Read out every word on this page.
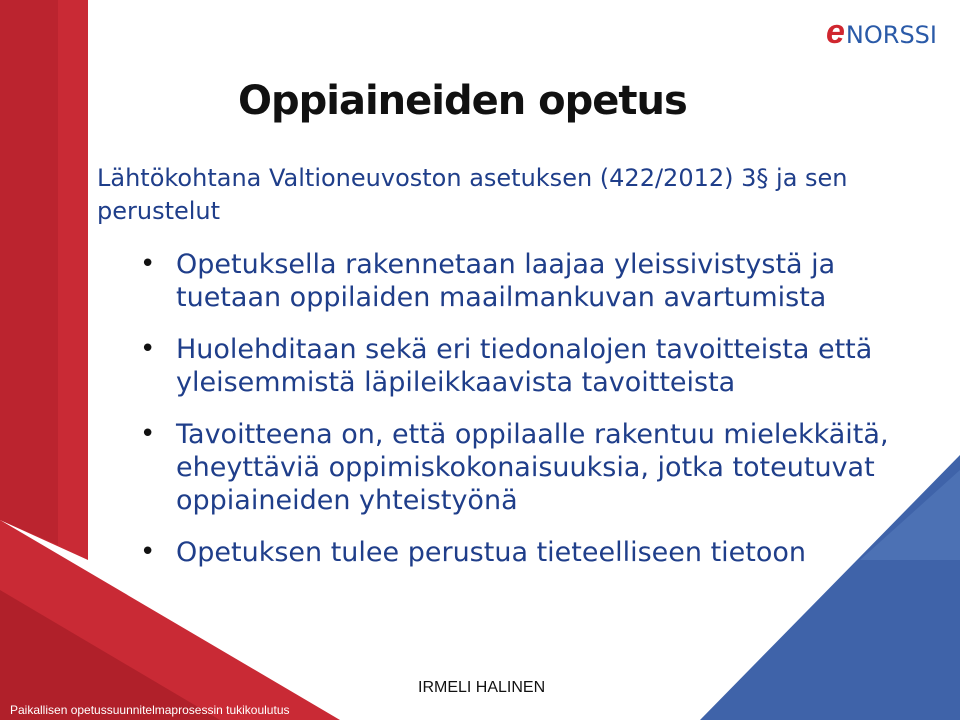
e NORSSI
Oppiaineiden opetus

Lähtökohtana Valtioneuvoston asetuksen (422/2012) 3§ ja sen perustelut

• Opetuksella rakennetaan laajaa yleissivistystä ja tuetaan oppilaiden maailmankuvan avartumista
• Huolehditaan sekä eri tiedonalojen tavoitteista että yleisemmistä läpileikkaavista tavoitteista
• Tavoitteena on, että oppilaalle rakentuu mielekkäitä, eheyttäviä oppimiskokonaisuuksia, jotka toteutuvat oppiaineiden yhteistyönä
• Opetuksen tulee perustua tieteelliseen tietoon
IRMELI HALINEN
Paikallisen opetussuunnitelmaprosessin tukikoulutus
